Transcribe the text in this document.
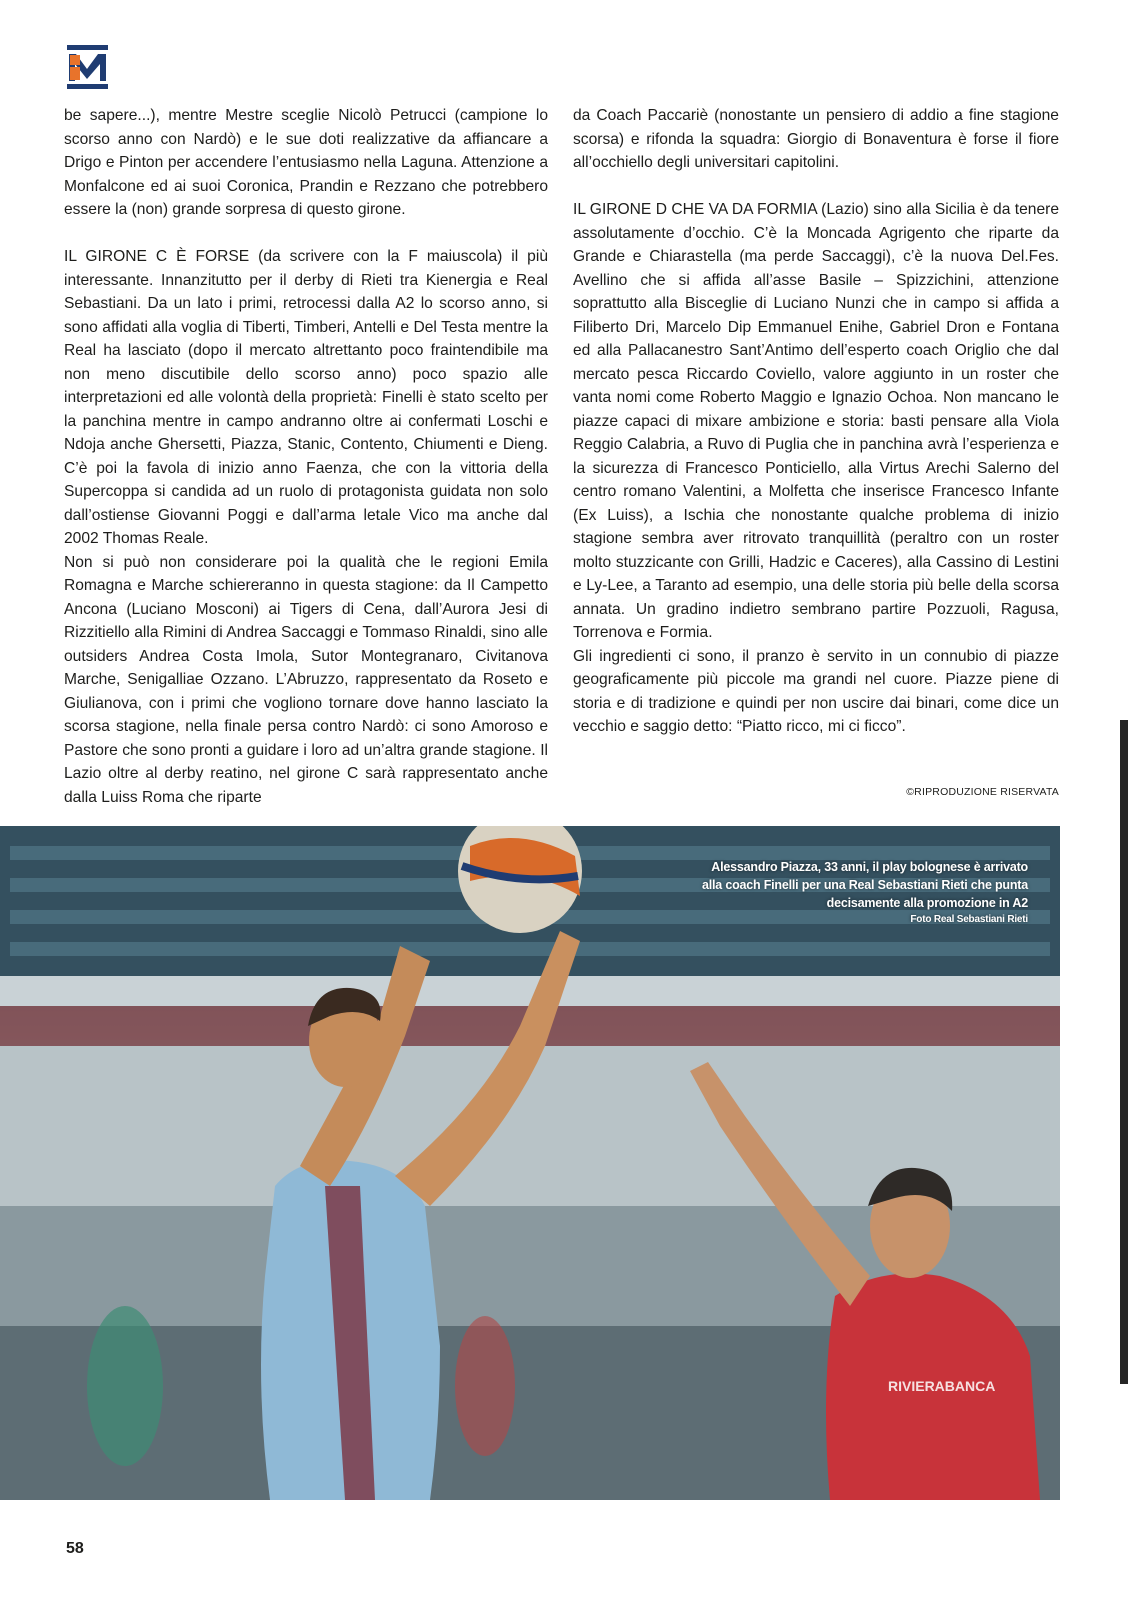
be sapere...), mentre Mestre sceglie Nicolò Petrucci (campione lo scorso anno con Nardò) e le sue doti realizzative da affiancare a Drigo e Pinton per accendere l’entusiasmo nella Laguna. Attenzione a Monfalcone ed ai suoi Coronica, Prandin e Rezzano che potrebbero essere la (non) grande sorpresa di questo girone.

IL GIRONE C È FORSE (da scrivere con la F maiuscola) il più interessante. Innanzitutto per il derby di Rieti tra Kienergia e Real Sebastiani. Da un lato i primi, retrocessi dalla A2 lo scorso anno, si sono affidati alla voglia di Tiberti, Timberi, Antelli e Del Testa mentre la Real ha lasciato (dopo il mercato altrettanto poco fraintendibile ma non meno discutibile dello scorso anno) poco spazio alle interpretazioni ed alle volontà della proprietà: Finelli è stato scelto per la panchina mentre in campo andranno oltre ai confermati Loschi e Ndoja anche Ghersetti, Piazza, Stanic, Contento, Chiumenti e Dieng. C’è poi la favola di inizio anno Faenza, che con la vittoria della Supercoppa si candida ad un ruolo di protagonista guidata non solo dall’ostiense Giovanni Poggi e dall’arma letale Vico ma anche dal 2002 Thomas Reale.

Non si può non considerare poi la qualità che le regioni Emila Romagna e Marche schiereranno in questa stagione: da Il Campetto Ancona (Luciano Mosconi) ai Tigers di Cena, dall’Aurora Jesi di Rizzitiello alla Rimini di Andrea Saccaggi e Tommaso Rinaldi, sino alle outsiders Andrea Costa Imola, Sutor Montegranaro, Civitanova Marche, Senigalliae Ozzano. L’Abruzzo, rappresentato da Roseto e Giulianova, con i primi che vogliono tornare dove hanno lasciato la scorsa stagione, nella finale persa contro Nardò: ci sono Amoroso e Pastore che sono pronti a guidare i loro ad un’altra grande stagione. Il Lazio oltre al derby reatino, nel girone C sarà rappresentato anche dalla Luiss Roma che riparte

da Coach Paccariè (nonostante un pensiero di addio a fine stagione scorsa) e rifonda la squadra: Giorgio di Bonaventura è forse il fiore all’occhiello degli universitari capitolini.

IL GIRONE D CHE VA DA FORMIA (Lazio) sino alla Sicilia è da tenere assolutamente d’occhio. C’è la Moncada Agrigento che riparte da Grande e Chiarastella (ma perde Saccaggi), c’è la nuova Del.Fes. Avellino che si affida all’asse Basile – Spizzichini, attenzione soprattutto alla Bisceglie di Luciano Nunzi che in campo si affida a Filiberto Dri, Marcelo Dip Emmanuel Enihe, Gabriel Dron e Fontana ed alla Pallacanestro Sant’Antimo dell’esperto coach Origlio che dal mercato pesca Riccardo Coviello, valore aggiunto in un roster che vanta nomi come Roberto Maggio e Ignazio Ochoa. Non mancano le piazze capaci di mixare ambizione e storia: basti pensare alla Viola Reggio Calabria, a Ruvo di Puglia che in panchina avrà l’esperienza e la sicurezza di Francesco Ponticiello, alla Virtus Arechi Salerno del centro romano Valentini, a Molfetta che inserisce Francesco Infante (Ex Luiss), a Ischia che nonostante qualche problema di inizio stagione sembra aver ritrovato tranquillità (peraltro con un roster molto stuzzicante con Grilli, Hadzic e Caceres), alla Cassino di Lestini e Ly-Lee, a Taranto ad esempio, una delle storia più belle della scorsa annata. Un gradino indietro sembrano partire Pozzuoli, Ragusa, Torrenova e Formia.

Gli ingredienti ci sono, il pranzo è servito in un connubio di piazze geograficamente più piccole ma grandi nel cuore. Piazze piene di storia e di tradizione e quindi per non uscire dai binari, come dice un vecchio e saggio detto: “Piatto ricco, mi ci ficco”.

©RIPRODUZIONE RISERVATA
Alessandro Piazza, 33 anni, il play bolognese è arrivato
alla coach Finelli per una Real Sebastiani Rieti che punta
decisamente alla promozione in A2
Foto Real Sebastiani Rieti
RIVIERABANCA
58
